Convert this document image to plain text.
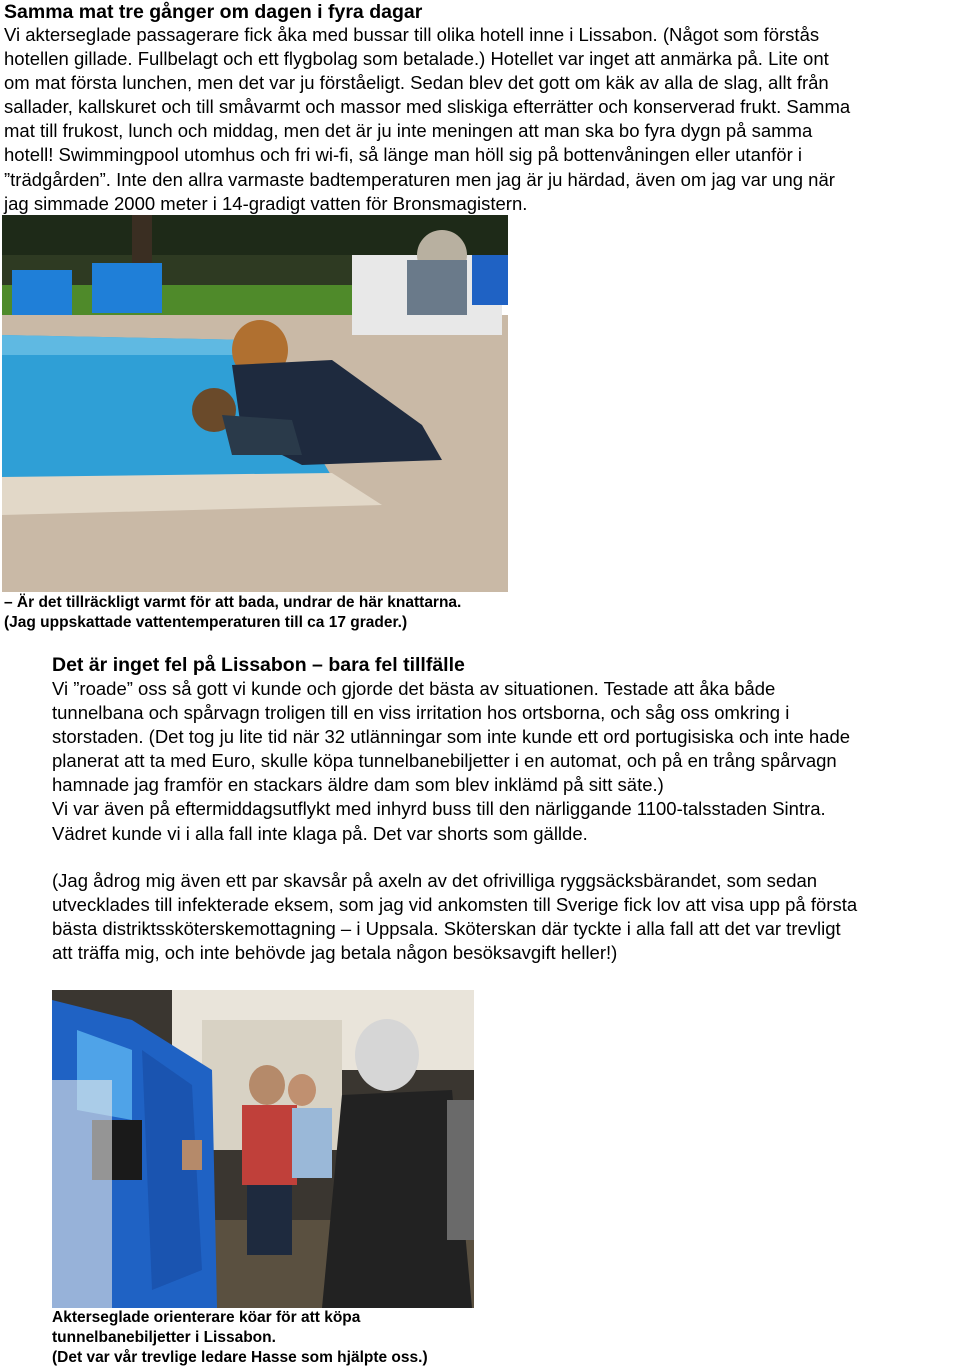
Samma mat tre gånger om dagen i fyra dagar
Vi akterseglade passagerare fick åka med bussar till olika hotell inne i Lissabon. (Något som förstås
hotellen gillade. Fullbelagt och ett flygbolag som betalade.) Hotellet var inget att anmärka på. Lite ont
om mat första lunchen, men det var ju förståeligt. Sedan blev det gott om käk av alla de slag, allt från
sallader, kallskuret och till småvarmt och massor med sliskiga efterrätter och konserverad frukt. Samma
mat till frukost, lunch och middag, men det är ju inte meningen att man ska bo fyra dygn på samma
hotell! Swimmingpool utomhus och fri wi-fi, så länge man höll sig på bottenvåningen eller utanför i
”trädgården”. Inte den allra varmaste badtemperaturen men jag är ju härdad, även om jag var ung när
jag simmade 2000 meter i 14-gradigt vatten för Bronsmagistern.
– Är det tillräckligt varmt för att bada, undrar de här knattarna.
(Jag uppskattade vattentemperaturen till ca 17 grader.)
Det är inget fel på Lissabon – bara fel tillfälle
Vi ”roade” oss så gott vi kunde och gjorde det bästa av situationen. Testade att åka både
tunnelbana och spårvagn troligen till en viss irritation hos ortsborna, och såg oss omkring i
storstaden. (Det tog ju lite tid när 32 utlänningar som inte kunde ett ord portugisiska och inte hade
planerat att ta med Euro, skulle köpa tunnelbanebiljetter i en automat, och på en trång spårvagn
hamnade jag framför en stackars äldre dam som blev inklämd på sitt säte.)
Vi var även på eftermiddagsutflykt med inhyrd buss till den närliggande 1100-talsstaden Sintra.
Vädret kunde vi i alla fall inte klaga på. Det var shorts som gällde.
(Jag ådrog mig även ett par skavsår på axeln av det ofrivilliga ryggsäcksbärandet, som sedan
utvecklades till infekterade eksem, som jag vid ankomsten till Sverige fick lov att visa upp på första
bästa distriktssköterskemottagning – i Uppsala. Sköterskan där tyckte i alla fall att det var trevligt
att träffa mig, och inte behövde jag betala någon besöksavgift heller!)
Akterseglade orienterare köar för att köpa
tunnelbanebiljetter i Lissabon.
(Det var vår trevlige ledare Hasse som hjälpte oss.)
